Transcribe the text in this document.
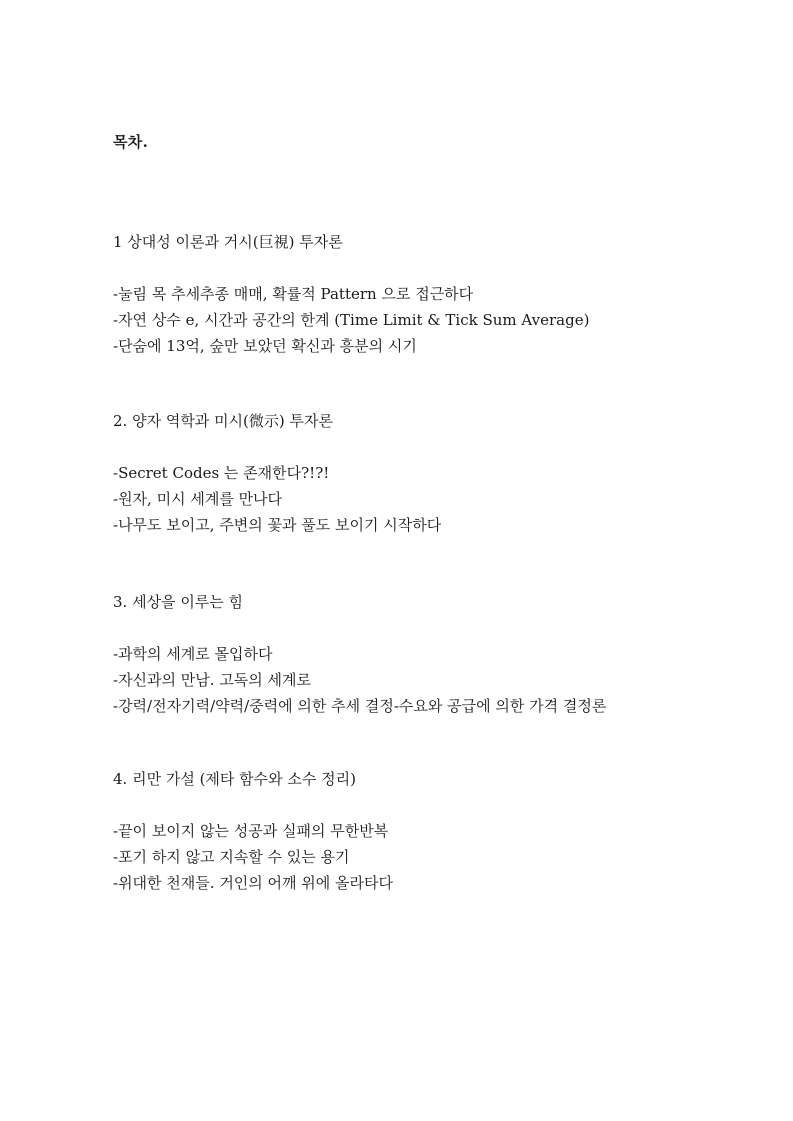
목차.
1 상대성 이론과 거시(巨視) 투자론
-눌림 목 추세추종 매매, 확률적 Pattern 으로 접근하다
-자연 상수 e, 시간과 공간의 한계 (Time Limit & Tick Sum Average)
-단숨에 13억, 숲만 보았던 확신과 흥분의 시기
2. 양자 역학과 미시(微示) 투자론
-Secret Codes 는 존재한다?!?!
-원자, 미시 세계를 만나다
-나무도 보이고, 주변의 꽃과 풀도 보이기 시작하다
3. 세상을 이루는 힘
-과학의 세계로 몰입하다
-자신과의 만남. 고독의 세계로
-강력/전자기력/약력/중력에 의한 추세 결정-수요와 공급에 의한 가격 결정론
4. 리만 가설 (제타 함수와 소수 정리)
-끝이 보이지 않는 성공과 실패의 무한반복
-포기 하지 않고 지속할 수 있는 용기
-위대한 천재들. 거인의 어깨 위에 올라타다
